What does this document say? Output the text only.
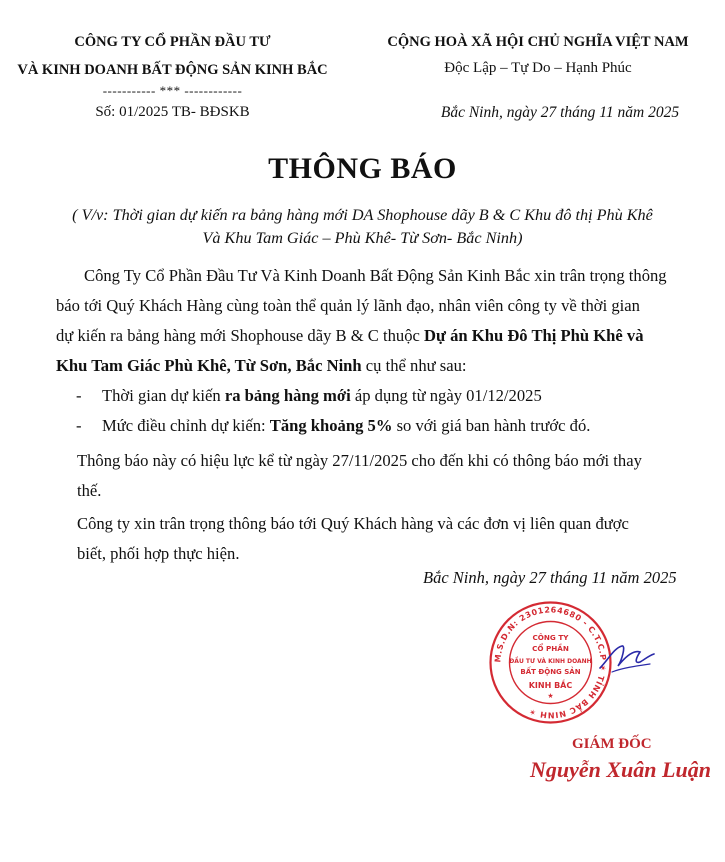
CÔNG TY CỔ PHẦN ĐẦU TƯ
VÀ KINH DOANH BẤT ĐỘNG SẢN KINH BẮC
----------- *** ------------
Số: 01/2025 TB- BĐSKB
CỘNG HOÀ XÃ HỘI CHỦ NGHĨA VIỆT NAM
Độc Lập – Tự Do – Hạnh Phúc
Bắc Ninh, ngày 27 tháng 11 năm 2025
THÔNG BÁO
( V/v: Thời gian dự kiến ra bảng hàng mới DA Shophouse dãy B & C Khu đô thị Phù Khê
Và Khu Tam Giác – Phù Khê- Từ Sơn- Bắc Ninh)
Công Ty Cổ Phần Đầu Tư Và Kinh Doanh Bất Động Sản Kinh Bắc xin trân trọng thông
báo tới Quý Khách Hàng cùng toàn thể quản lý lãnh đạo, nhân viên công ty về thời gian
dự kiến ra bảng hàng mới Shophouse dãy B & C thuộc Dự án Khu Đô Thị Phù Khê và
Khu Tam Giác Phù Khê, Từ Sơn, Bắc Ninh cụ thể như sau:
- Thời gian dự kiến ra bảng hàng mới áp dụng từ ngày 01/12/2025
- Mức điều chỉnh dự kiến: Tăng khoảng 5% so với giá ban hành trước đó.
Thông báo này có hiệu lực kể từ ngày 27/11/2025 cho đến khi có thông báo mới thay
thế.
Công ty xin trân trọng thông báo tới Quý Khách hàng và các đơn vị liên quan được
biết, phối hợp thực hiện.
Bắc Ninh, ngày 27 tháng 11 năm 2025
M.S.D.N: 2301264680 - C.T.C.P ✶ TỈNH BẮC NINH ✶
CÔNG TY
CỔ PHẦN
ĐẦU TƯ VÀ KINH DOANH
BẤT ĐỘNG SẢN
KINH BẮC
★
GIÁM ĐỐC
Nguyễn Xuân Luận
